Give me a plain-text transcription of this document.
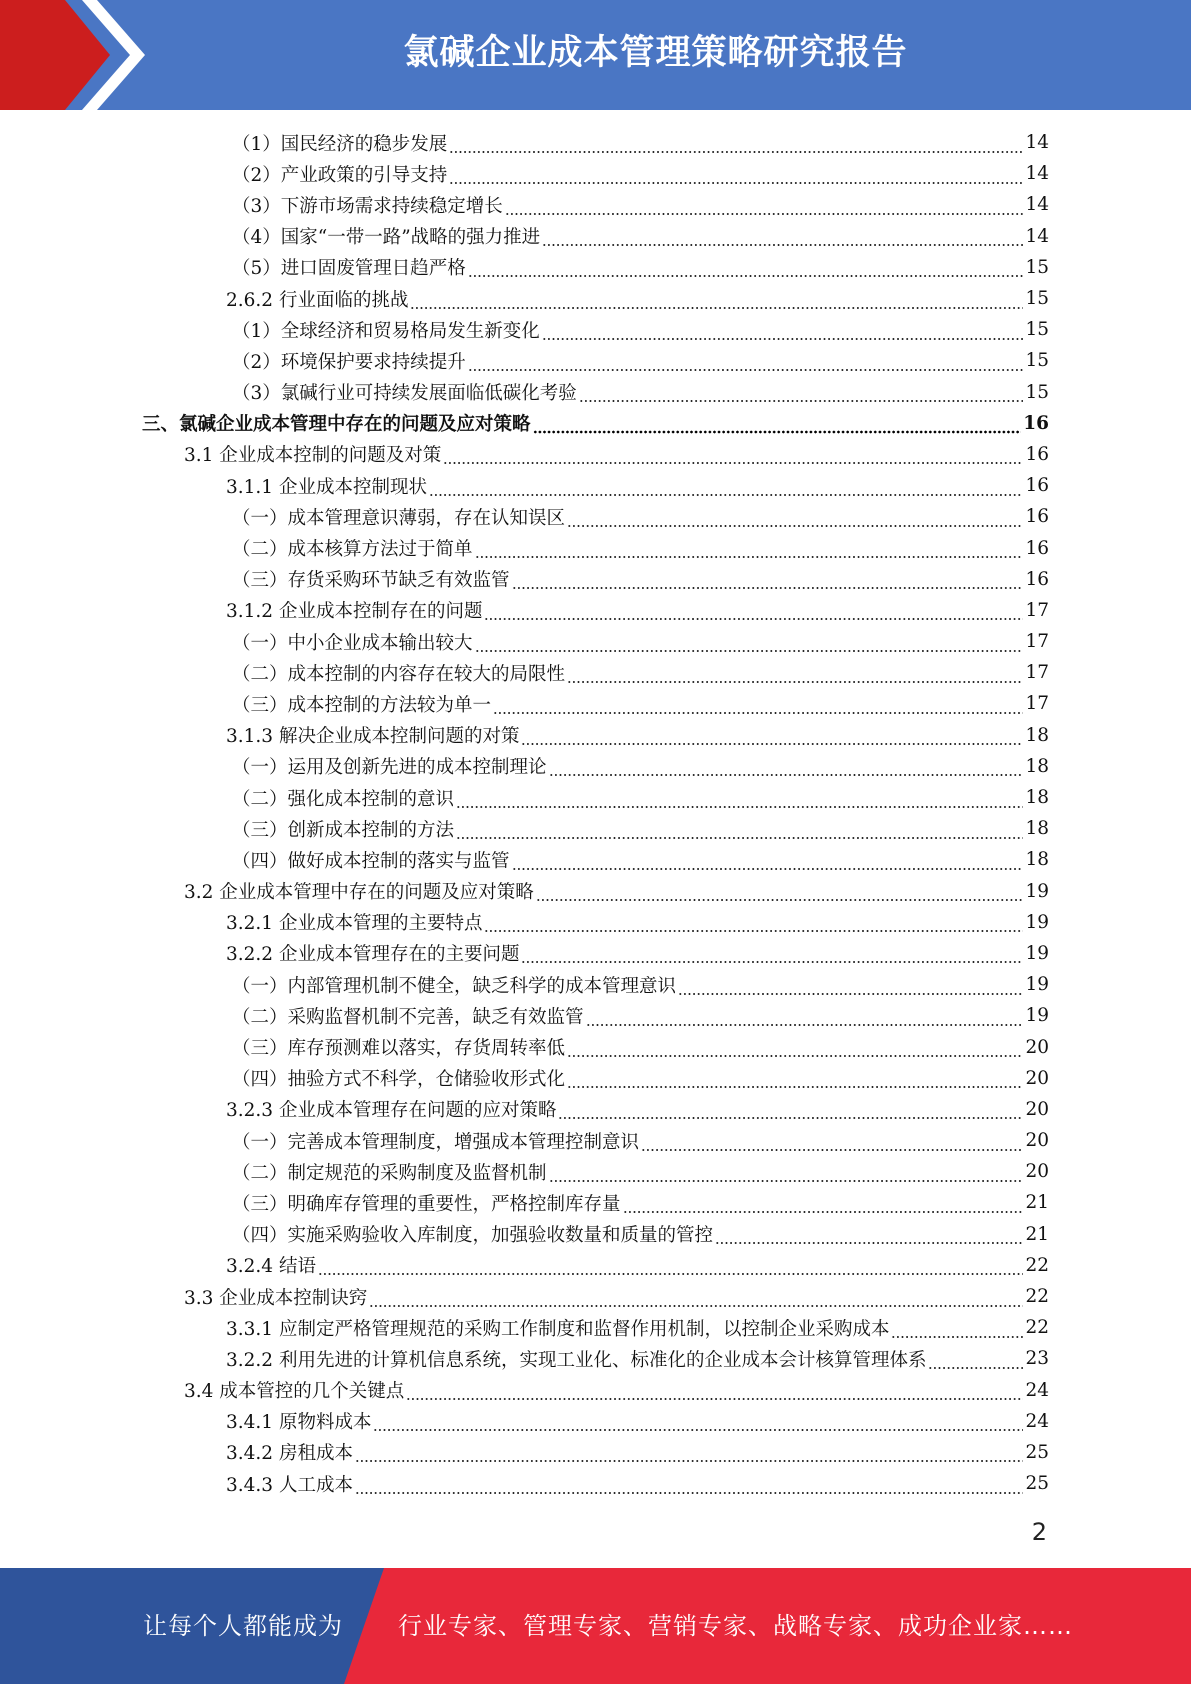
氯碱企业成本管理策略研究报告
（1）国民经济的稳步发展	14
（2）产业政策的引导支持	14
（3）下游市场需求持续稳定增长	14
（4）国家“一带一路”战略的强力推进	14
（5）进口固废管理日趋严格	15
2.6.2 行业面临的挑战	15
（1）全球经济和贸易格局发生新变化	15
（2）环境保护要求持续提升	15
（3）氯碱行业可持续发展面临低碳化考验	15
三、氯碱企业成本管理中存在的问题及应对策略	16
3.1 企业成本控制的问题及对策	16
3.1.1 企业成本控制现状	16
（一）成本管理意识薄弱，存在认知误区	16
（二）成本核算方法过于简单	16
（三）存货采购环节缺乏有效监管	16
3.1.2 企业成本控制存在的问题	17
（一）中小企业成本输出较大	17
（二）成本控制的内容存在较大的局限性	17
（三）成本控制的方法较为单一	17
3.1.3 解决企业成本控制问题的对策	18
（一）运用及创新先进的成本控制理论	18
（二）强化成本控制的意识	18
（三）创新成本控制的方法	18
（四）做好成本控制的落实与监管	18
3.2 企业成本管理中存在的问题及应对策略	19
3.2.1 企业成本管理的主要特点	19
3.2.2 企业成本管理存在的主要问题	19
（一）内部管理机制不健全，缺乏科学的成本管理意识	19
（二）采购监督机制不完善，缺乏有效监管	19
（三）库存预测难以落实，存货周转率低	20
（四）抽验方式不科学，仓储验收形式化	20
3.2.3 企业成本管理存在问题的应对策略	20
（一）完善成本管理制度，增强成本管理控制意识	20
（二）制定规范的采购制度及监督机制	20
（三）明确库存管理的重要性，严格控制库存量	21
（四）实施采购验收入库制度，加强验收数量和质量的管控	21
3.2.4 结语	22
3.3 企业成本控制诀窍	22
3.3.1 应制定严格管理规范的采购工作制度和监督作用机制，以控制企业采购成本	22
3.2.2 利用先进的计算机信息系统，实现工业化、标准化的企业成本会计核算管理体系	23
3.4 成本管控的几个关键点	24
3.4.1 原物料成本	24
3.4.2 房租成本	25
3.4.3 人工成本	25
2
让每个人都能成为 行业专家、管理专家、营销专家、战略专家、成功企业家……
